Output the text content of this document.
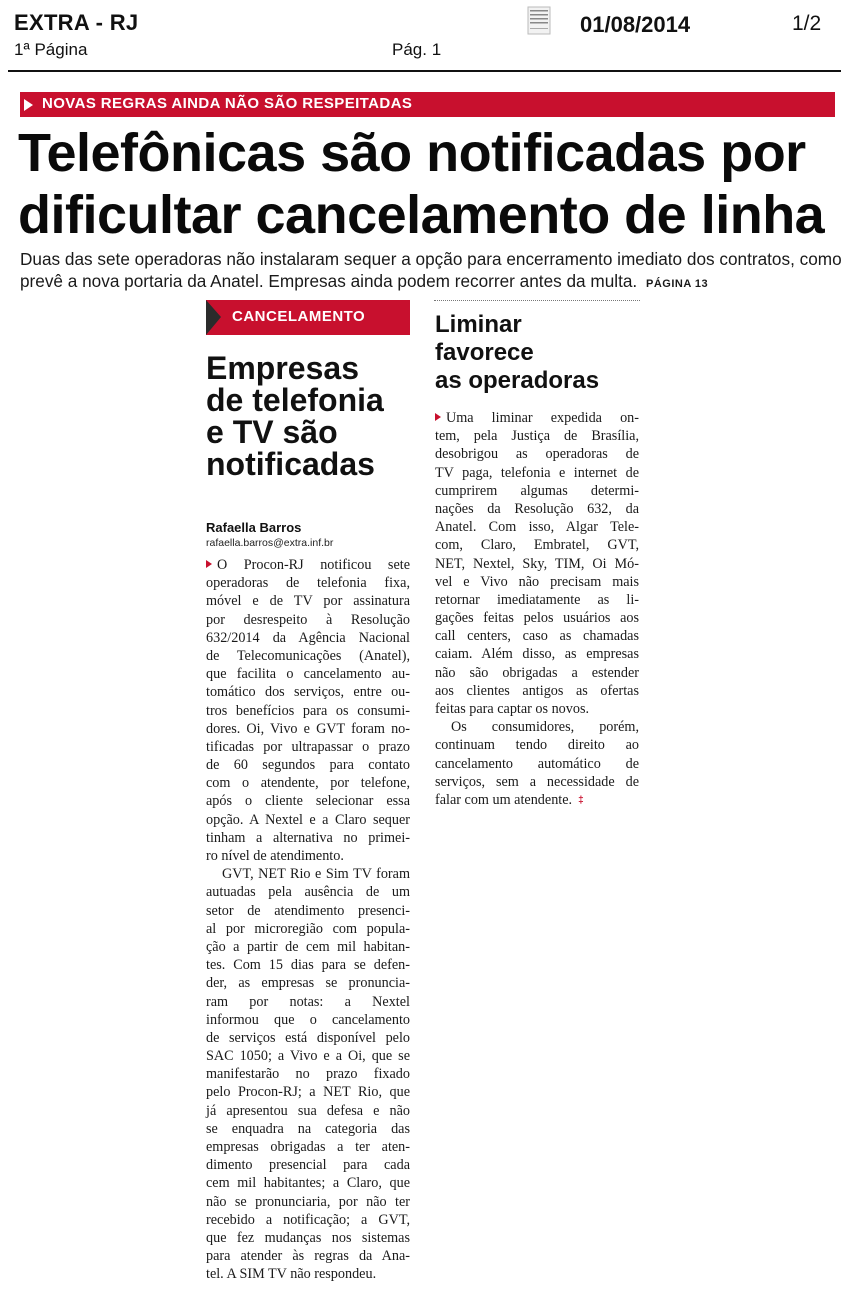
EXTRA - RJ
1ª Página	Pág. 1
01/08/2014	1/2
NOVAS REGRAS AINDA NÃO SÃO RESPEITADAS
Telefônicas são notificadas por
dificultar cancelamento de linha
Duas das sete operadoras não instalaram sequer a opção para encerramento imediato dos contratos, como prevê a nova portaria da Anatel. Empresas ainda podem recorrer antes da multa. PÁGINA 13
CANCELAMENTO
Empresas
de telefonia
e TV são
notificadas
Rafaella Barros
rafaella.barros@extra.inf.br
O Procon-RJ notificou sete
operadoras de telefonia fixa,
móvel e de TV por assinatura
por desrespeito à Resolução
632/2014 da Agência Nacional
de Telecomunicações (Anatel),
que facilita o cancelamento au-
tomático dos serviços, entre ou-
tros benefícios para os consumi-
dores. Oi, Vivo e GVT foram no-
tificadas por ultrapassar o prazo
de 60 segundos para contato
com o atendente, por telefone,
após o cliente selecionar essa
opção. A Nextel e a Claro sequer
tinham a alternativa no primei-
ro nível de atendimento.
GVT, NET Rio e Sim TV foram
autuadas pela ausência de um
setor de atendimento presenci-
al por microregião com popula-
ção a partir de cem mil habitan-
tes. Com 15 dias para se defen-
der, as empresas se pronuncia-
ram por notas: a Nextel
informou que o cancelamento
de serviços está disponível pelo
SAC 1050; a Vivo e a Oi, que se
manifestarão no prazo fixado
pelo Procon-RJ; a NET Rio, que
já apresentou sua defesa e não
se enquadra na categoria das
empresas obrigadas a ter aten-
dimento presencial para cada
cem mil habitantes; a Claro, que
não se pronunciaria, por não ter
recebido a notificação; a GVT,
que fez mudanças nos sistemas
para atender às regras da Ana-
tel. A SIM TV não respondeu.
Liminar
favorece
as operadoras
Uma liminar expedida on-
tem, pela Justiça de Brasília,
desobrigou as operadoras de
TV paga, telefonia e internet de
cumprirem algumas determi-
nações da Resolução 632, da
Anatel. Com isso, Algar Tele-
com, Claro, Embratel, GVT,
NET, Nextel, Sky, TIM, Oi Mó-
vel e Vivo não precisam mais
retornar imediatamente as li-
gações feitas pelos usuários aos
call centers, caso as chamadas
caiam. Além disso, as empresas
não são obrigadas a estender
aos clientes antigos as ofertas
feitas para captar os novos.
Os consumidores, porém,
continuam tendo direito ao
cancelamento automático de
serviços, sem a necessidade de
falar com um atendente. ‡
